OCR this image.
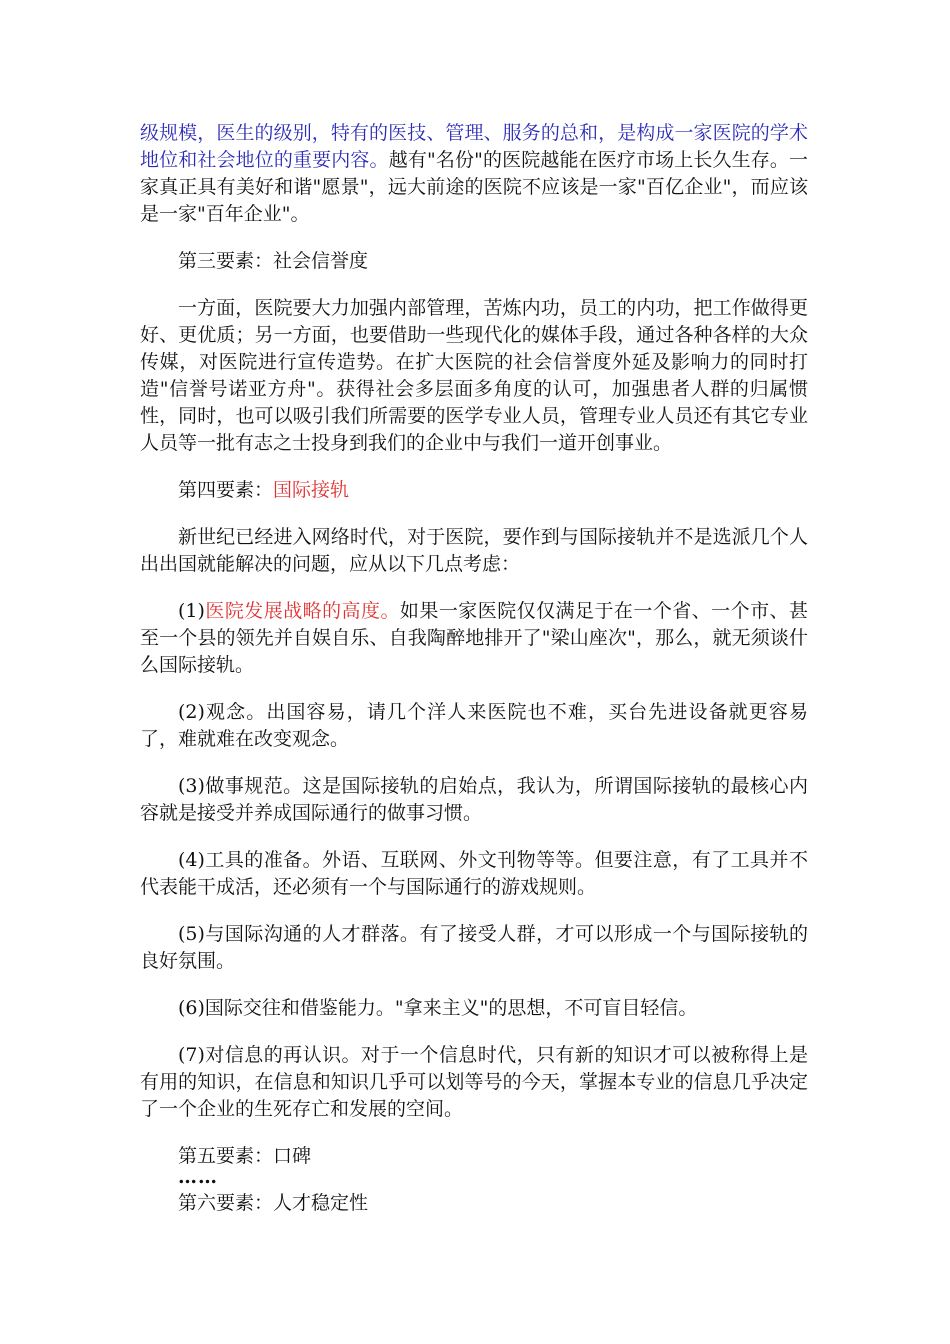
级规模，医生的级别，特有的医技、管理、服务的总和，是构成一家医院的学术地位和社会地位的重要内容。越有"名份"的医院越能在医疗市场上长久生存。一家真正具有美好和谐"愿景"，远大前途的医院不应该是一家"百亿企业"，而应该是一家"百年企业"。

第三要素：社会信誉度

一方面，医院要大力加强内部管理，苦炼内功，员工的内功，把工作做得更好、更优质；另一方面，也要借助一些现代化的媒体手段，通过各种各样的大众传媒，对医院进行宣传造势。在扩大医院的社会信誉度外延及影响力的同时打造"信誉号诺亚方舟"。获得社会多层面多角度的认可，加强患者人群的归属惯性，同时，也可以吸引我们所需要的医学专业人员，管理专业人员还有其它专业人员等一批有志之士投身到我们的企业中与我们一道开创事业。

第四要素：国际接轨

新世纪已经进入网络时代，对于医院，要作到与国际接轨并不是选派几个人出出国就能解决的问题，应从以下几点考虑：

(1)医院发展战略的高度。如果一家医院仅仅满足于在一个省、一个市、甚至一个县的领先并自娱自乐、自我陶醉地排开了"梁山座次"，那么，就无须谈什么国际接轨。

(2)观念。出国容易，请几个洋人来医院也不难，买台先进设备就更容易了，难就难在改变观念。

(3)做事规范。这是国际接轨的启始点，我认为，所谓国际接轨的最核心内容就是接受并养成国际通行的做事习惯。

(4)工具的准备。外语、互联网、外文刊物等等。但要注意，有了工具并不代表能干成活，还必须有一个与国际通行的游戏规则。

(5)与国际沟通的人才群落。有了接受人群，才可以形成一个与国际接轨的良好氛围。

(6)国际交往和借鉴能力。"拿来主义"的思想，不可盲目轻信。

(7)对信息的再认识。对于一个信息时代，只有新的知识才可以被称得上是有用的知识，在信息和知识几乎可以划等号的今天，掌握本专业的信息几乎决定了一个企业的生死存亡和发展的空间。

第五要素：口碑

……

第六要素：人才稳定性
